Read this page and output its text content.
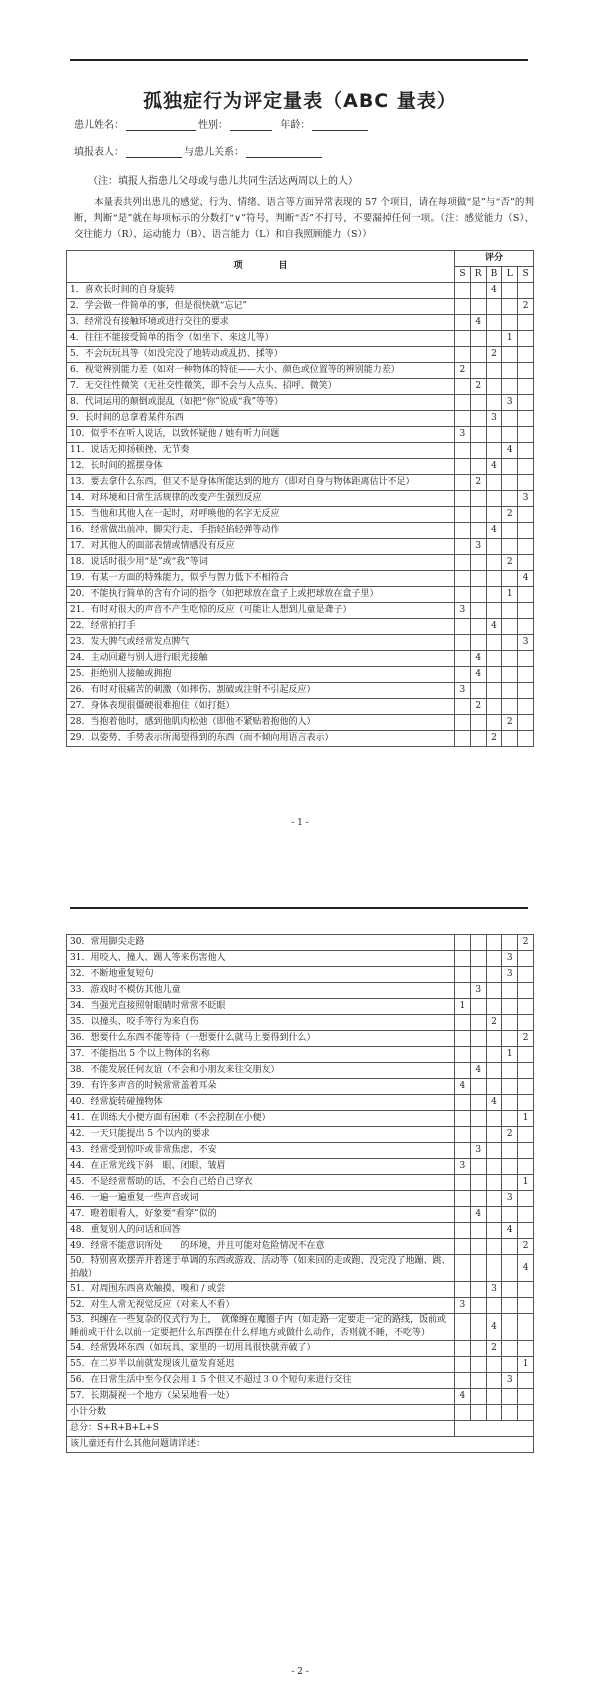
孤独症行为评定量表（ABC 量表）
患儿姓名：	性别：	年龄：
填报表人：	与患儿关系：
（注：填报人指患儿父母或与患儿共同生活达两周以上的人）
本量表共列出患儿的感觉、行为、情绪、语言等方面异常表现的 57 个项目，请在每项做“是”与“否”的判断，判断“是”就在每项标示的分数打“∨”符号，判断“否”不打号，不要漏掉任何一项。（注：感觉能力（S）、交往能力（R）、运动能力（B）、语言能力（L）和自我照顾能力（S））
项　　　　目	评分				
	S	R	B	L	S
1．喜欢长时间的自身旋转			4		
2．学会做一件简单的事，但是很快就“忘记”					2
3．经常没有接触环境或进行交往的要求		4			
4．往往不能接受简单的指令（如坐下、来这儿等）				1	
5．不会玩玩具等（如没完没了地转动或乱扔、揉等）			2		
6．视觉辨别能力差（如对一种物体的特征——大小、颜色或位置等的辨别能力差）	2				
7．无交往性微笑（无社交性微笑，即不会与人点头、招呼、微笑）		2			
8．代词运用的颠倒或混乱（如把“你”说成“我”等等）				3	
9．长时间的总拿着某件东西			3		
10．似乎不在听人说话，以致怀疑他 / 她有听力问题	3				
11．说话无抑扬顿挫、无节奏				4	
12．长时间的摇摆身体			4		
13．要去拿什么东西，但又不是身体所能达到的地方（即对自身与物体距离估计不足）		2			
14．对环境和日常生活规律的改变产生强烈反应					3
15．当他和其他人在一起时，对呼唤他的名字无反应				2	
16．经常做出前冲、脚尖行走、手指轻掐轻弹等动作			4		
17．对其他人的面部表情或情感没有反应		3			
18．说话时很少用“是”或“我”等词				2	
19．有某一方面的特殊能力，似乎与智力低下不相符合					4
20．不能执行简单的含有介词的指令（如把球放在盒子上或把球放在盒子里）				1	
21．有时对很大的声音不产生吃惊的反应（可能让人想到儿童是聋子）	3				
22．经常拍打手			4		
23．发大脾气或经常发点脾气					3
24．主动回避与别人进行眼光接触		4			
25．拒绝别人接触或拥抱		4			
26．有时对很痛苦的刺激（如摔伤、割破或注射不引起反应）	3				
27．身体表现很僵硬很难抱住（如打挺）		2			
28．当抱着他时，感到他肌肉松弛（即他不紧贴着抱他的人）				2	
29．以姿势、手势表示所渴望得到的东西（而不倾向用语言表示）			2		
- 1 -
30．常用脚尖走路					2
31．用咬人、撞人、踢人等来伤害他人				3	
32．不断地重复短句				3	
33．游戏时不模仿其他儿童		3			
34．当强光直接照射眼睛时常常不眨眼	1				
35．以撞头、咬手等行为来自伤			2		
36．想要什么东西不能等待（一想要什么就马上要得到什么）					2
37．不能指出 5 个以上物体的名称				1	
38．不能发展任何友谊（不会和小朋友来往交朋友）		4			
39．有许多声音的时候常常盖着耳朵	4				
40．经常旋转碰撞物体			4		
41．在训练大小便方面有困难（不会控制在小便）					1
42．一天只能提出 5 个以内的要求				2	
43．经常受到惊吓或非常焦虑、不安		3			
44．在正常光线下斜　眼、闭眼、皱眉	3				
45．不是经常帮助的话，不会自己给自己穿衣					1
46．一遍一遍重复一些声音或词				3	
47．瞪着眼看人，好象要“看穿”似的		4			
48．重复别人的问话和回答				4	
49．经常不能意识所处　　的环境，并且可能对危险情况不在意					2
50．特别喜欢摆弄并着迷于单调的东西或游戏、活动等（如来回的走或跑、没完没了地蹦、跳、拍敲）					4
51．对周围东西喜欢触摸、嗅和 / 或尝			3		
52．对生人常无视觉反应（对来人不看）	3				
53．纠缠在一些复杂的仪式行为上，　就像缠在魔圈子内（如走路一定要走一定的路线，饭前或睡前或干什么以前一定要把什么东西摆在什么样地方或做什么动作，否则就不睡，不吃等）			4		
54．经常毁坏东西（如玩具、家里的一切用具很快就弄破了）			2		
55．在二岁半以前就发现该儿童发育延迟					1
56．在日常生活中至今仅会用１５个但又不超过３０个短句来进行交往				3	
57．长期凝视一个地方（呆呆地看一处）	4				
小计分数					
总分：S+R+B+L+S					
该儿童还有什么其他问题请详述：					
- 2 -
